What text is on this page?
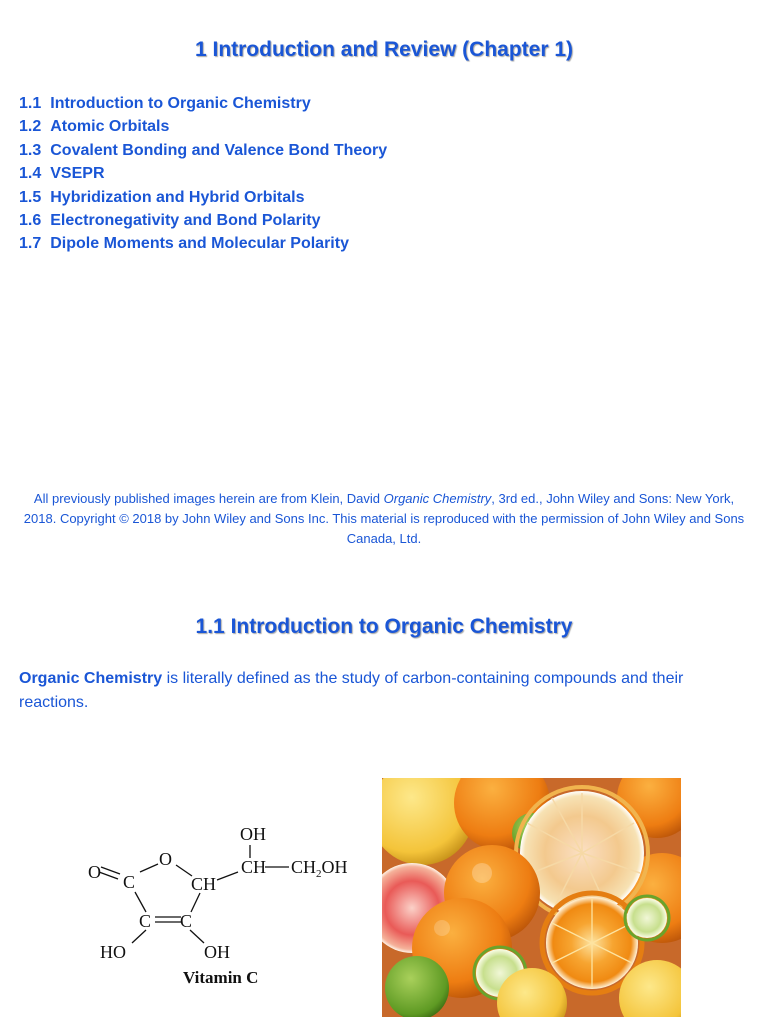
1 Introduction and Review (Chapter 1)
1.1 Introduction to Organic Chemistry
1.2 Atomic Orbitals
1.3 Covalent Bonding and Valence Bond Theory
1.4 VSEPR
1.5 Hybridization and Hybrid Orbitals
1.6 Electronegativity and Bond Polarity
1.7 Dipole Moments and Molecular Polarity
All previously published images herein are from Klein, David Organic Chemistry, 3rd ed., John Wiley and Sons: New York, 2018. Copyright © 2018 by John Wiley and Sons Inc. This material is reproduced with the permission of John Wiley and Sons Canada, Ltd.
1.1 Introduction to Organic Chemistry
Organic Chemistry is literally defined as the study of carbon-containing compounds and their reactions.
O C
O
CH
OH
CH $CH_2OH$
C C
HO	OH
Vitamin C
